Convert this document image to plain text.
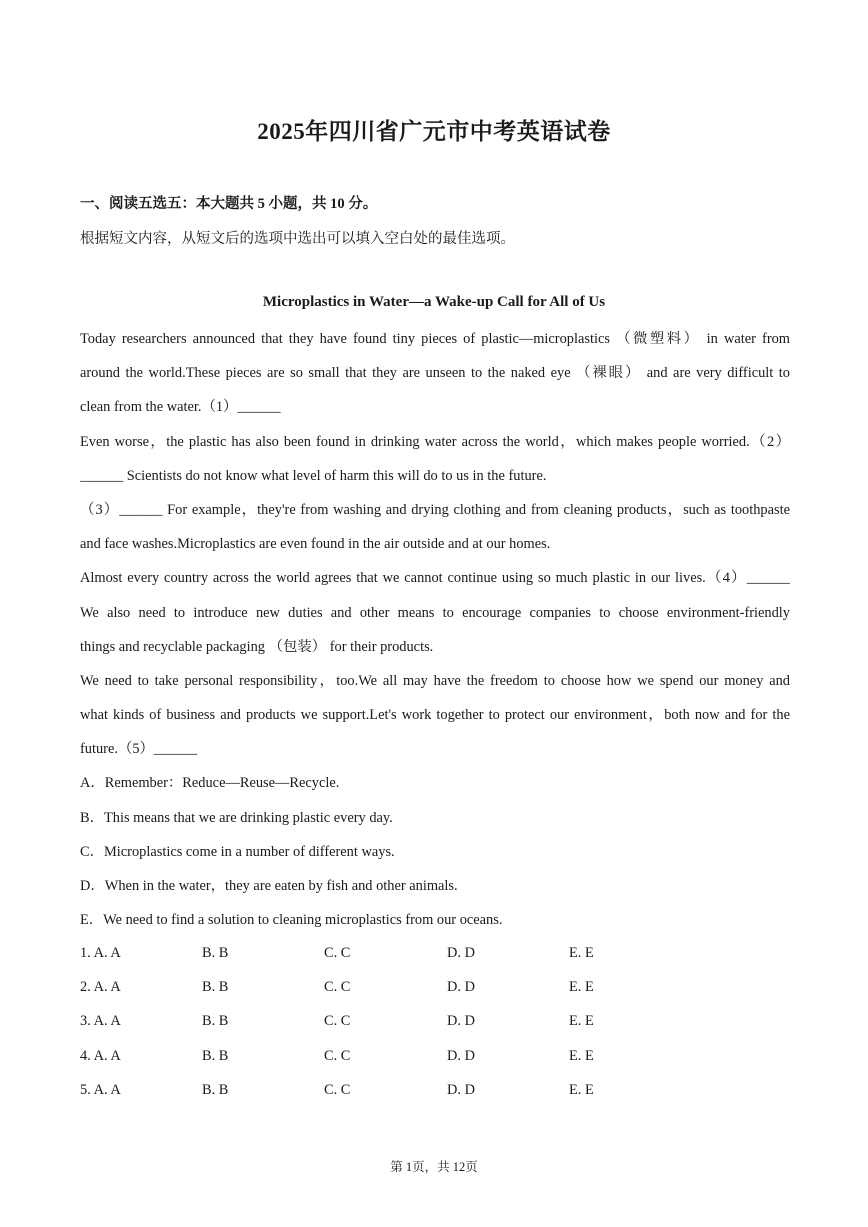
2025年四川省广元市中考英语试卷
一、阅读五选五：本大题共 5 小题，共 10 分。
根据短文内容，从短文后的选项中选出可以填入空白处的最佳选项。
Microplastics in Water—a Wake-up Call for All of Us
Today researchers announced that they have found tiny pieces of plastic—microplastics （微塑料） in water from
around the world.These pieces are so small that they are unseen to the naked eye （裸眼） and are very difficult to
clean from the water.（1）______
Even worse，the plastic has also been found in drinking water across the world，which makes people worried.（2）
______ Scientists do not know what level of harm this will do to us in the future.
（3）______ For example，they're from washing and drying clothing and from cleaning products，such as toothpaste
and face washes.Microplastics are even found in the air outside and at our homes.
Almost every country across the world agrees that we cannot continue using so much plastic in our lives.（4）______
We also need to introduce new duties and other means to encourage companies to choose environment-friendly
things and recyclable packaging （包装） for their products.
We need to take personal responsibility，too.We all may have the freedom to choose how we spend our money and
what kinds of business and products we support.Let's work together to protect our environment，both now and for the
future.（5）______
A．Remember：Reduce—Reuse—Recycle.
B．This means that we are drinking plastic every day.
C．Microplastics come in a number of different ways.
D．When in the water，they are eaten by fish and other animals.
E．We need to find a solution to cleaning microplastics from our oceans.
1. A. A	B. B	C. C	D. D	E. E
2. A. A	B. B	C. C	D. D	E. E
3. A. A	B. B	C. C	D. D	E. E
4. A. A	B. B	C. C	D. D	E. E
5. A. A	B. B	C. C	D. D	E. E
第 1页，共 12页
